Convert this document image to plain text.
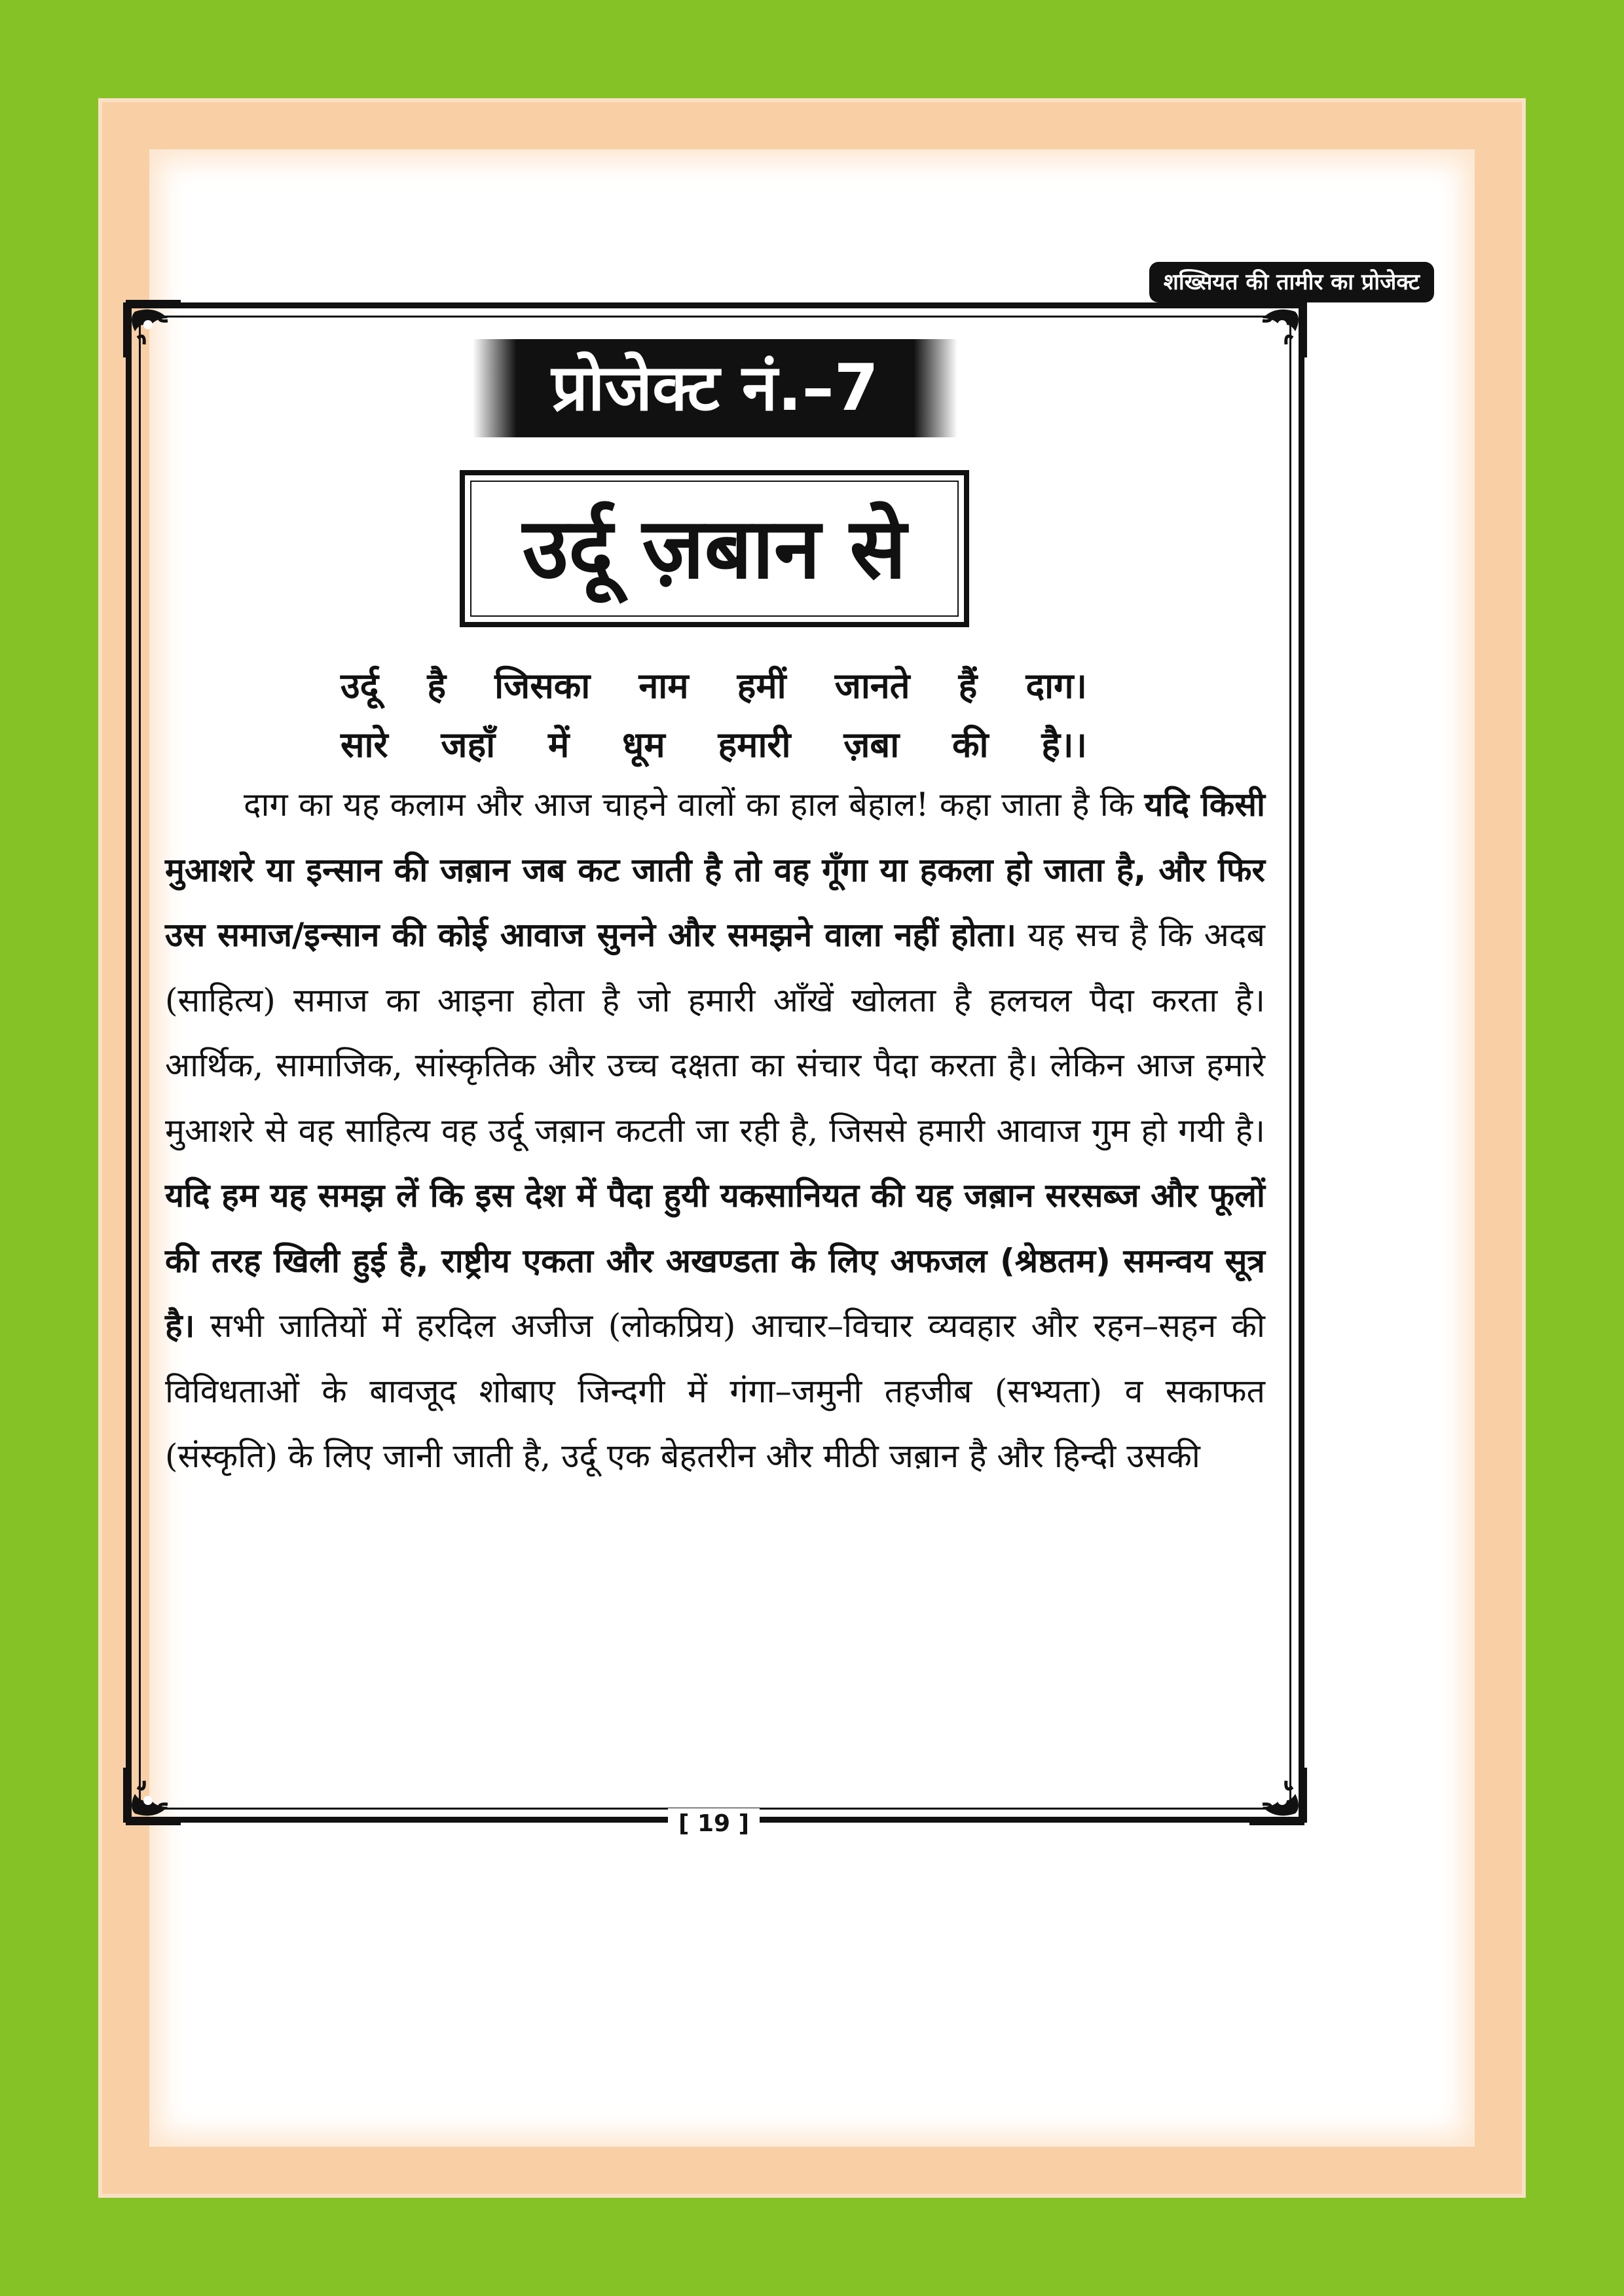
शख्सियत की तामीर का प्रोजेक्ट
प्रोजेक्ट नं.–7
उर्दू ज़बान से
उर्दू है जिसका नाम हमीं जानते हैं दाग।
सारे जहाँ में धूम हमारी ज़बा की है।।

दाग का यह कलाम और आज चाहने वालों का हाल बेहाल! कहा जाता है कि यदि किसी मुआशरे या इन्सान की जब़ान जब कट जाती है तो वह गूँगा या हकला हो जाता है, और फिर उस समाज/इन्सान की कोई आवाज सुनने और समझने वाला नहीं होता। यह सच है कि अदब (साहित्य) समाज का आइना होता है जो हमारी आँखें खोलता है हलचल पैदा करता है। आर्थिक, सामाजिक, सांस्कृतिक और उच्च दक्षता का संचार पैदा करता है। लेकिन आज हमारे मुआशरे से वह साहित्य वह उर्दू जब़ान कटती जा रही है, जिससे हमारी आवाज गुम हो गयी है। यदि हम यह समझ लें कि इस देश में पैदा हुयी यकसानियत की यह जब़ान सरसब्ज और फूलों की तरह खिली हुई है, राष्ट्रीय एकता और अखण्डता के लिए अफजल (श्रेष्ठतम) समन्वय सूत्र है। सभी जातियों में हरदिल अजीज (लोकप्रिय) आचार–विचार व्यवहार और रहन–सहन की विविधताओं के बावजूद शोबाए जिन्दगी में गंगा–जमुनी तहजीब (सभ्यता) व सकाफत (संस्कृति) के लिए जानी जाती है, उर्दू एक बेहतरीन और मीठी जब़ान है और हिन्दी उसकी

[ 19 ]
